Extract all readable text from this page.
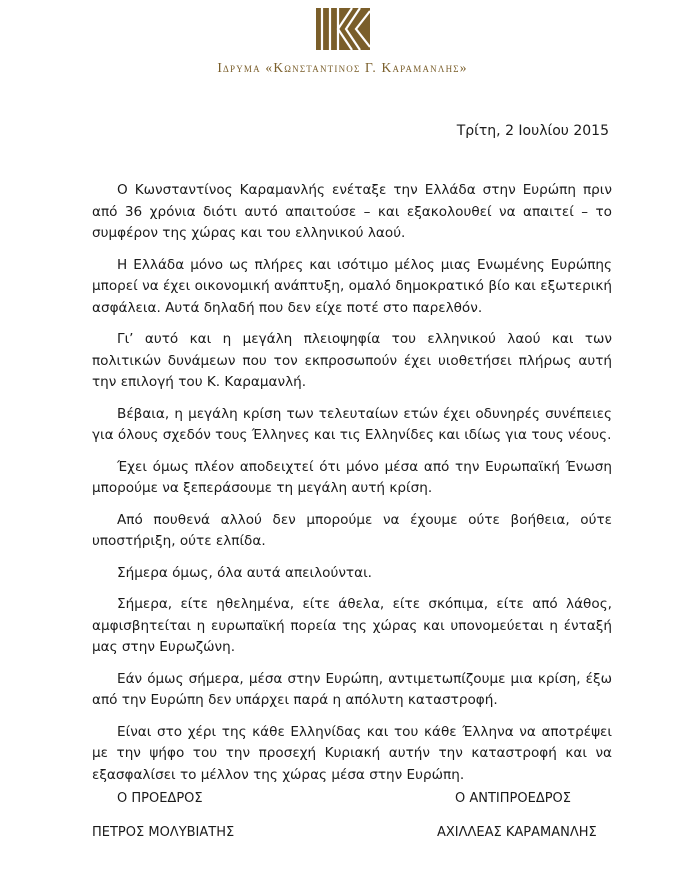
Ιδρυμα «Κωνσταντινος Γ. Καραμανλης»
Τρίτη, 2 Ιουλίου 2015

Ο Κωνσταντίνος Καραμανλής ενέταξε την Ελλάδα στην Ευρώπη πριν από 36 χρόνια διότι αυτό απαιτούσε – και εξακολουθεί να απαιτεί – το συμφέρον της χώρας και του ελληνικού λαού.

Η Ελλάδα μόνο ως πλήρες και ισότιμο μέλος μιας Ενωμένης Ευρώπης μπορεί να έχει οικονομική ανάπτυξη, ομαλό δημοκρατικό βίο και εξωτερική ασφάλεια. Αυτά δηλαδή που δεν είχε ποτέ στο παρελθόν.

Γι’ αυτό και η μεγάλη πλειοψηφία του ελληνικού λαού και των πολιτικών δυνάμεων που τον εκπροσωπούν έχει υιοθετήσει πλήρως αυτή την επιλογή του Κ. Καραμανλή.

Βέβαια, η μεγάλη κρίση των τελευταίων ετών έχει οδυνηρές συνέπειες για όλους σχεδόν τους Έλληνες και τις Ελληνίδες και ιδίως για τους νέους.

Έχει όμως πλέον αποδειχτεί ότι μόνο μέσα από την Ευρωπαϊκή Ένωση μπορούμε να ξεπεράσουμε τη μεγάλη αυτή κρίση.

Από πουθενά αλλού δεν μπορούμε να έχουμε ούτε βοήθεια, ούτε υποστήριξη, ούτε ελπίδα.

Σήμερα όμως, όλα αυτά απειλούνται.

Σήμερα, είτε ηθελημένα, είτε άθελα, είτε σκόπιμα, είτε από λάθος, αμφισβητείται η ευρωπαϊκή πορεία της χώρας και υπονομεύεται η ένταξή μας στην Ευρωζώνη.

Εάν όμως σήμερα, μέσα στην Ευρώπη, αντιμετωπίζουμε μια κρίση, έξω από την Ευρώπη δεν υπάρχει παρά η απόλυτη καταστροφή.

Είναι στο χέρι της κάθε Ελληνίδας και του κάθε Έλληνα να αποτρέψει με την ψήφο του την προσεχή Κυριακή αυτήν την καταστροφή και να εξασφαλίσει το μέλλον της χώρας μέσα στην Ευρώπη.

Ο ΠΡΟΕΔΡΟΣ
ΠΕΤΡΟΣ ΜΟΛΥΒΙΑΤΗΣ
Ο ΑΝΤΙΠΡΟΕΔΡΟΣ
ΑΧΙΛΛΕΑΣ ΚΑΡΑΜΑΝΛΗΣ
